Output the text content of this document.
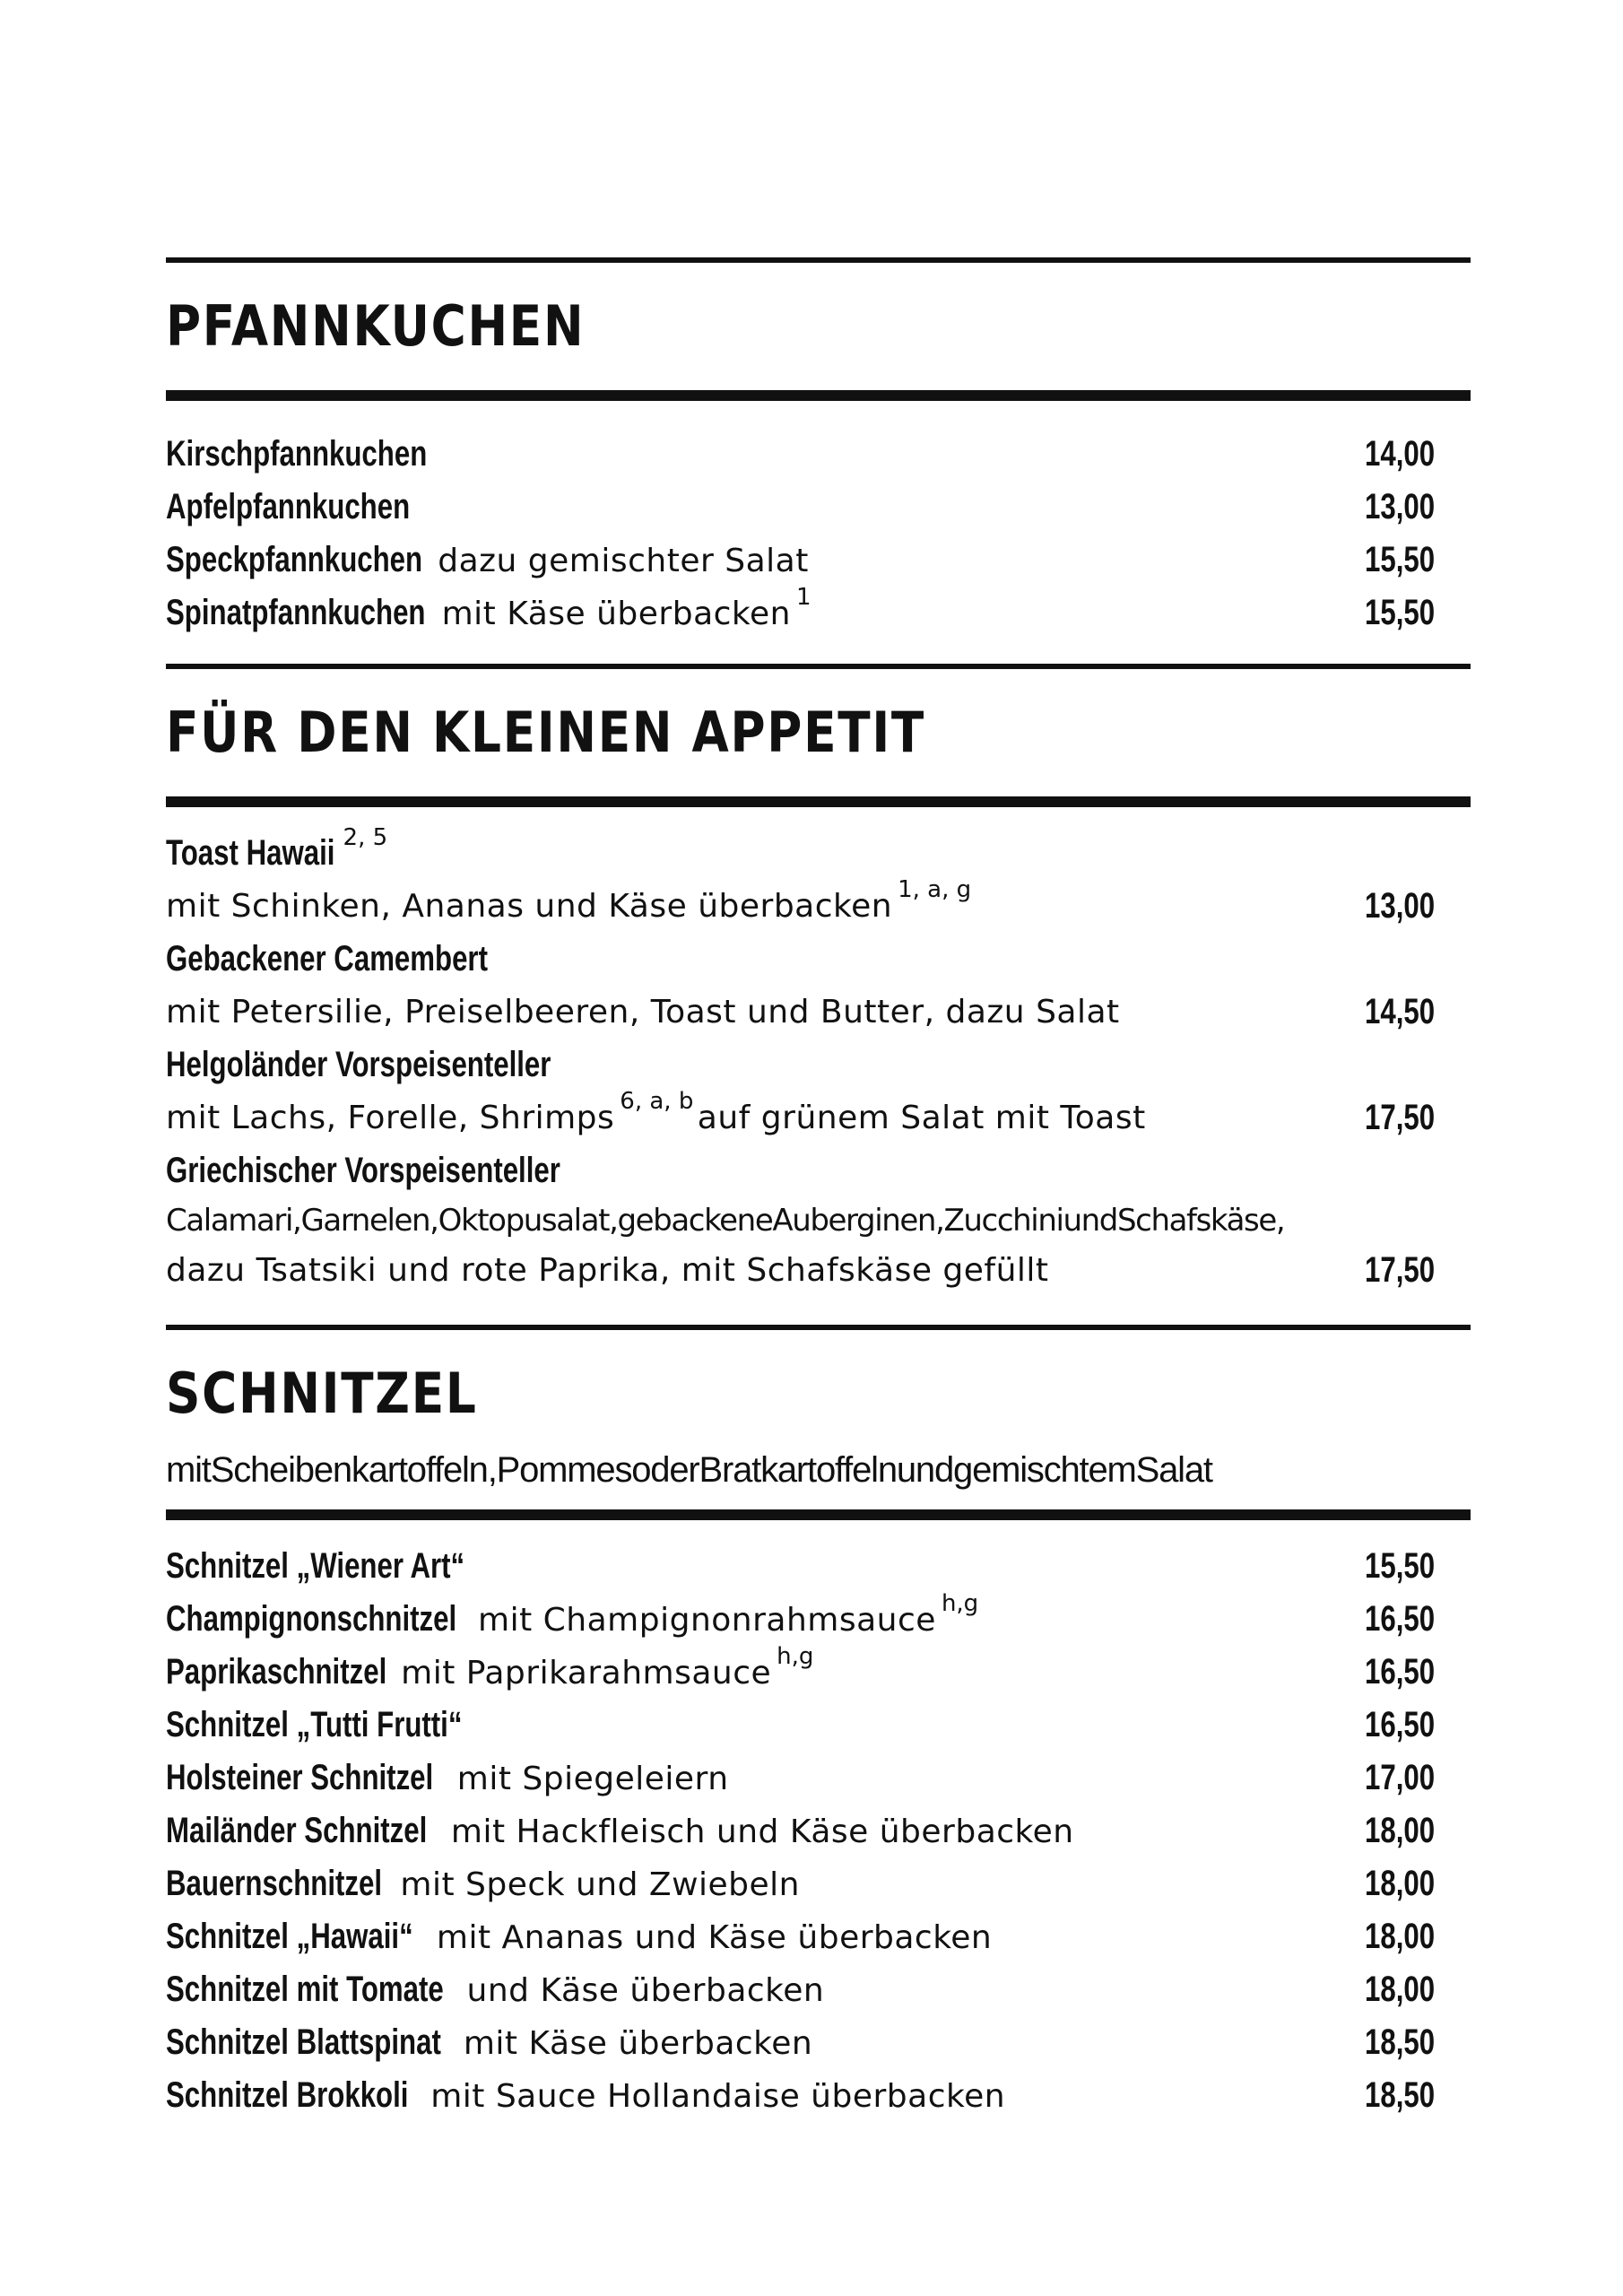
PFANNKUCHEN
Kirschpfannkuchen	14,00
Apfelpfannkuchen	13,00
Speckpfannkuchen dazu gemischter Salat	15,50
Spinatpfannkuchen mit Käse überbacken 1	15,50
FÜR DEN KLEINEN APPETIT
Toast Hawaii 2, 5
mit Schinken, Ananas und Käse überbacken 1, a, g	13,00
Gebackener Camembert
mit Petersilie, Preiselbeeren, Toast und Butter, dazu Salat	14,50
Helgoländer Vorspeisenteller
mit Lachs, Forelle, Shrimps 6, a, b auf grünem Salat mit Toast	17,50
Griechischer Vorspeisenteller
Calamari,Garnelen,Oktopusalat,gebackeneAuberginen,ZucchiniundSchafskäse,
dazu Tsatsiki und rote Paprika, mit Schafskäse gefüllt	17,50
SCHNITZEL
mitScheibenkartoffeln,PommesoderBratkartoffelnundgemischtemSalat
Schnitzel „Wiener Art“	15,50
Champignonschnitzel mit Champignonrahmsauce h,g	16,50
Paprikaschnitzel mit Paprikarahmsauce h,g	16,50
Schnitzel „Tutti Frutti“	16,50
Holsteiner Schnitzel mit Spiegeleiern	17,00
Mailänder Schnitzel mit Hackfleisch und Käse überbacken	18,00
Bauernschnitzel mit Speck und Zwiebeln	18,00
Schnitzel „Hawaii“ mit Ananas und Käse überbacken	18,00
Schnitzel mit Tomate und Käse überbacken	18,00
Schnitzel Blattspinat mit Käse überbacken	18,50
Schnitzel Brokkoli mit Sauce Hollandaise überbacken	18,50
